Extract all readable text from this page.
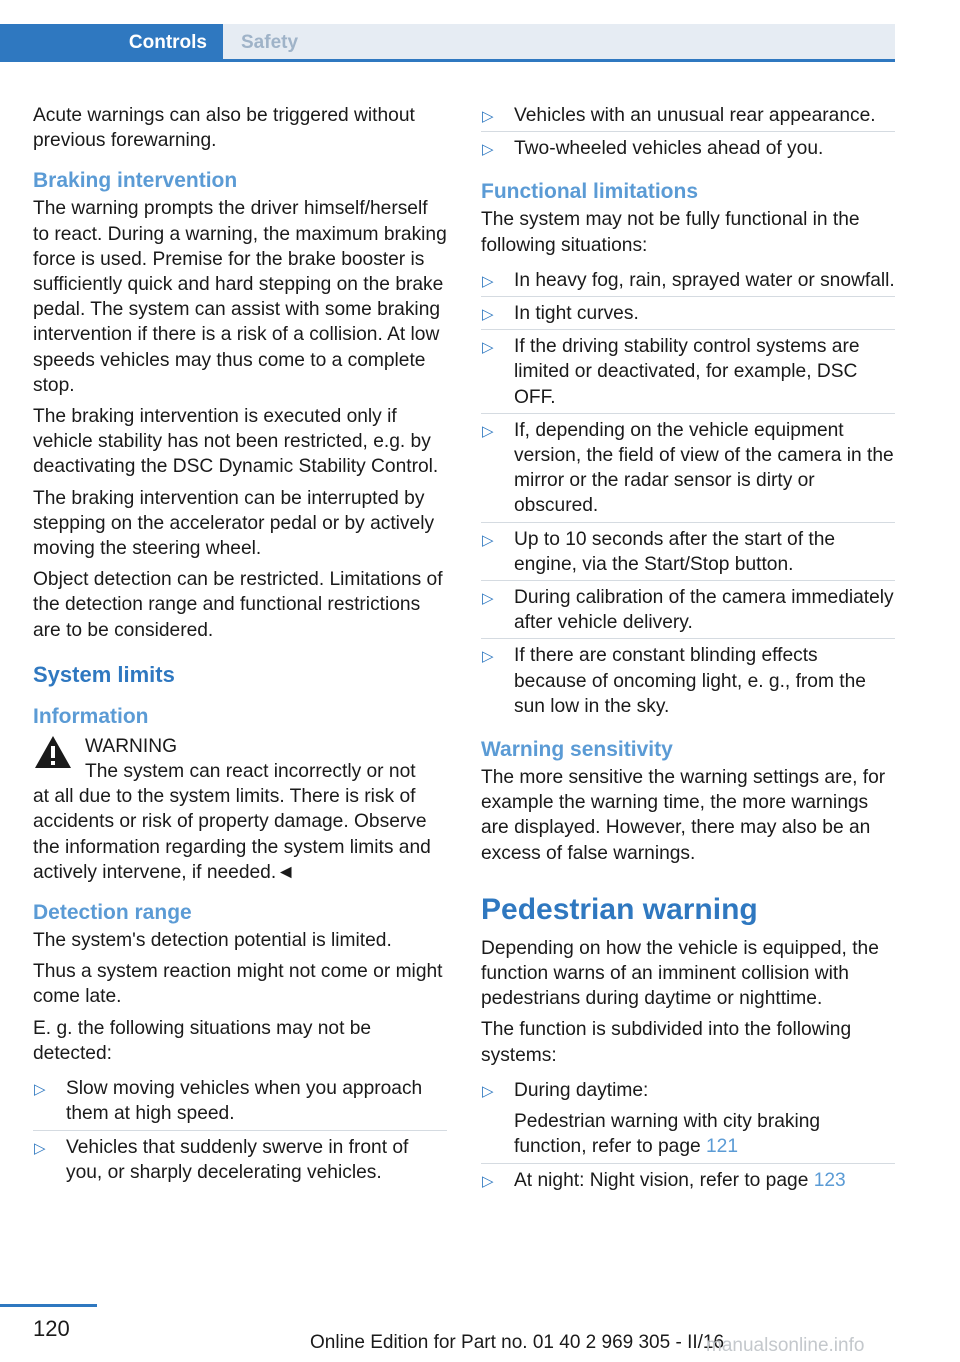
Controls	Safety

Acute warnings can also be triggered without previous forewarning.

Braking intervention

The warning prompts the driver himself/herself to react. During a warning, the maximum braking force is used. Premise for the brake booster is sufficiently quick and hard stepping on the brake pedal. The system can assist with some braking intervention if there is a risk of a collision. At low speeds vehicles may thus come to a complete stop.

The braking intervention is executed only if vehicle stability has not been restricted, e.g. by deactivating the DSC Dynamic Stability Control.

The braking intervention can be interrupted by stepping on the accelerator pedal or by actively moving the steering wheel.

Object detection can be restricted. Limitations of the detection range and functional restrictions are to be considered.

System limits
Information
WARNING
The system can react incorrectly or not

at all due to the system limits. There is risk of accidents or risk of property damage. Observe the information regarding the system limits and actively intervene, if needed.◄

Detection range

The system's detection potential is limited.

Thus a system reaction might not come or might come late.

E. g. the following situations may not be detected:

▷ Slow moving vehicles when you approach them at high speed.
▷ Vehicles that suddenly swerve in front of you, or sharply decelerating vehicles.
▷ Vehicles with an unusual rear appearance.
▷ Two-wheeled vehicles ahead of you.
Functional limitations

The system may not be fully functional in the following situations:

▷ In heavy fog, rain, sprayed water or snowfall.
▷ In tight curves.
▷ If the driving stability control systems are limited or deactivated, for example, DSC OFF.
▷ If, depending on the vehicle equipment version, the field of view of the camera in the mirror or the radar sensor is dirty or obscured.
▷ Up to 10 seconds after the start of the engine, via the Start/Stop button.
▷ During calibration of the camera immediately after vehicle delivery.
▷ If there are constant blinding effects because of oncoming light, e. g., from the sun low in the sky.
Warning sensitivity

The more sensitive the warning settings are, for example the warning time, the more warnings are displayed. However, there may also be an excess of false warnings.

Pedestrian warning

Depending on how the vehicle is equipped, the function warns of an imminent collision with pedestrians during daytime or nighttime.

The function is subdivided into the following systems:

▷ During daytime:
Pedestrian warning with city braking function, refer to page 121
▷ At night: Night vision, refer to page 123
120
Online Edition for Part no. 01 40 2 969 305 - II/16
manualsonline.info
